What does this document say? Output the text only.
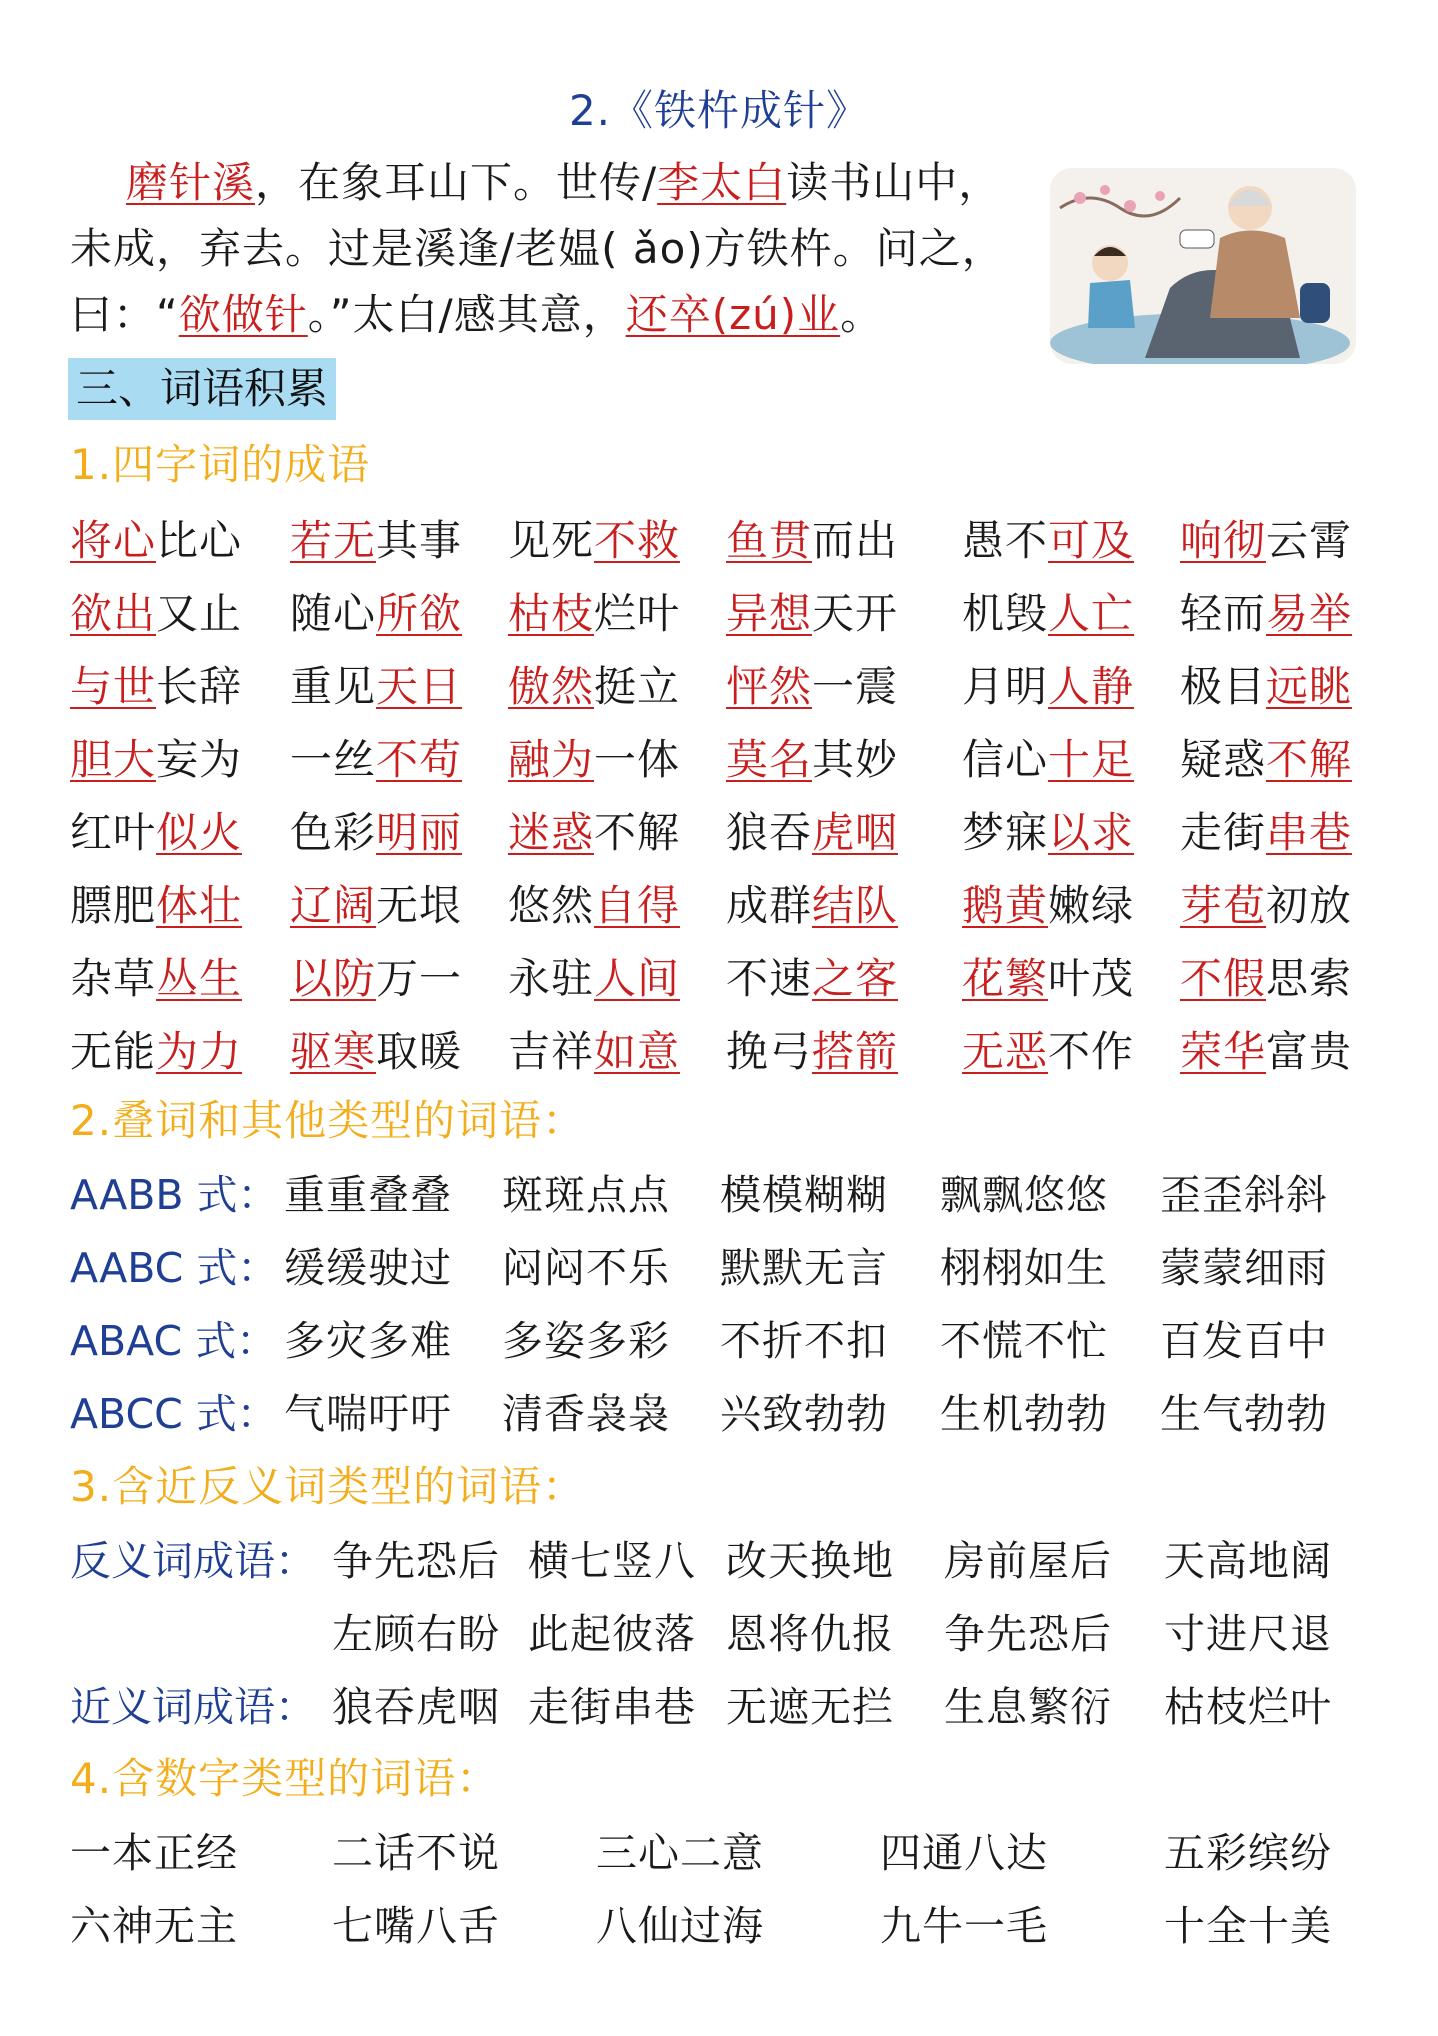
2.《铁杵成针》
磨针溪，在象耳山下。世传/李太白读书山中，
未成，弃去。过是溪逢/老媪( ǎo)方铁杵。问之，
曰：“欲做针。”太白/感其意，还卒(zú)业。
三、词语积累
1.四字词的成语
将心比心 若无其事 见死不救 鱼贯而出 愚不可及 响彻云霄
欲出又止 随心所欲 枯枝烂叶 异想天开 机毁人亡 轻而易举
与世长辞 重见天日 傲然挺立 怦然一震 月明人静 极目远眺
胆大妄为 一丝不苟 融为一体 莫名其妙 信心十足 疑惑不解
红叶似火 色彩明丽 迷惑不解 狼吞虎咽 梦寐以求 走街串巷
膘肥体壮 辽阔无垠 悠然自得 成群结队 鹅黄嫩绿 芽苞初放
杂草丛生 以防万一 永驻人间 不速之客 花繁叶茂 不假思索
无能为力 驱寒取暖 吉祥如意 挽弓搭箭 无恶不作 荣华富贵
2.叠词和其他类型的词语：
AABB 式： 重重叠叠 斑斑点点 模模糊糊 飘飘悠悠 歪歪斜斜
AABC 式： 缓缓驶过 闷闷不乐 默默无言 栩栩如生 蒙蒙细雨
ABAC 式： 多灾多难 多姿多彩 不折不扣 不慌不忙 百发百中
ABCC 式： 气喘吁吁 清香袅袅 兴致勃勃 生机勃勃 生气勃勃
3.含近反义词类型的词语：
反义词成语： 争先恐后 横七竖八 改天换地 房前屋后 天高地阔
左顾右盼 此起彼落 恩将仇报 争先恐后 寸进尺退
近义词成语： 狼吞虎咽 走街串巷 无遮无拦 生息繁衍 枯枝烂叶
4.含数字类型的词语：
一本正经 二话不说 三心二意	四通八达	五彩缤纷
六神无主 七嘴八舌 八仙过海	九牛一毛	十全十美
